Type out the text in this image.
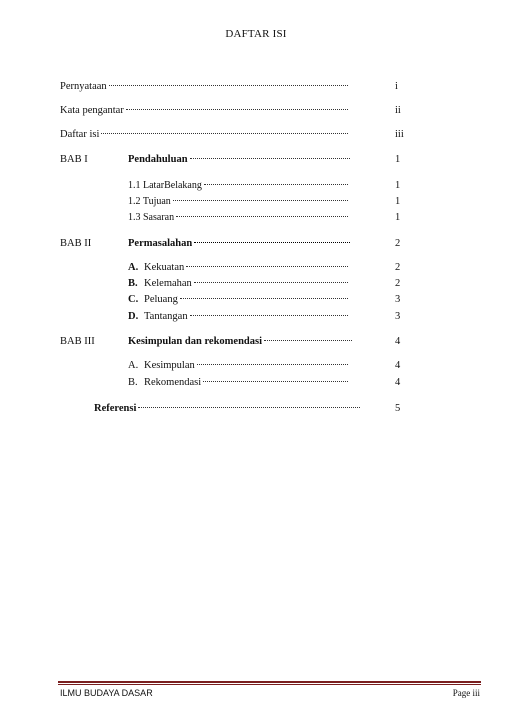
DAFTAR ISI
Pernyataan	i
Kata pengantar	ii
Daftar isi	iii
BAB I	Pendahuluan	1
1.1 LatarBelakang	1
1.2 Tujuan	1
1.3 Sasaran	1
BAB II	Permasalahan	2
A. Kekuatan	2
B. Kelemahan	2
C. Peluang	3
D. Tantangan	3
BAB III	Kesimpulan dan rekomendasi	4
A. Kesimpulan	4
B. Rekomendasi	4
Referensi	5
ILMU BUDAYA DASAR	Page iii
